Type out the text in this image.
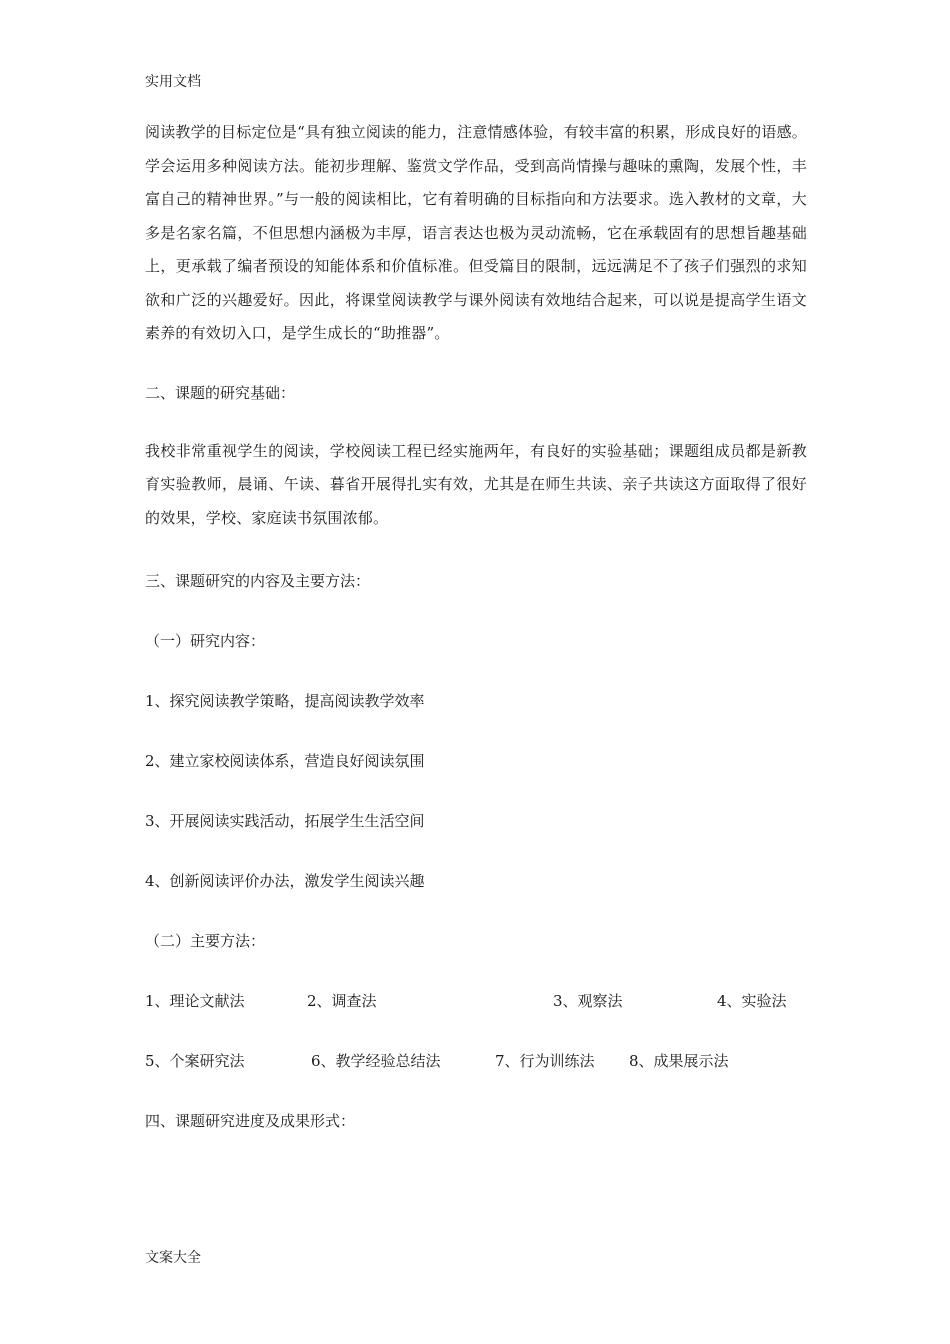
实用文档

阅读教学的目标定位是“具有独立阅读的能力，注意情感体验，有较丰富的积累，形成良好的语感。学会运用多种阅读方法。能初步理解、鉴赏文学作品，受到高尚情操与趣味的熏陶，发展个性，丰富自己的精神世界。”与一般的阅读相比，它有着明确的目标指向和方法要求。选入教材的文章，大多是名家名篇，不但思想内涵极为丰厚，语言表达也极为灵动流畅，它在承载固有的思想旨趣基础上，更承载了编者预设的知能体系和价值标准。但受篇目的限制，远远满足不了孩子们强烈的求知欲和广泛的兴趣爱好。因此，将课堂阅读教学与课外阅读有效地结合起来，可以说是提高学生语文素养的有效切入口，是学生成长的“助推器”。

二、课题的研究基础：

我校非常重视学生的阅读，学校阅读工程已经实施两年，有良好的实验基础；课题组成员都是新教育实验教师，晨诵、午读、暮省开展得扎实有效，尤其是在师生共读、亲子共读这方面取得了很好的效果，学校、家庭读书氛围浓郁。

三、课题研究的内容及主要方法：

（一）研究内容：

1、探究阅读教学策略，提高阅读教学效率

2、建立家校阅读体系，营造良好阅读氛围

3、开展阅读实践活动，拓展学生生活空间

4、创新阅读评价办法，激发学生阅读兴趣

（二）主要方法：

1、理论文献法	2、调查法	3、观察法	4、实验法
5、个案研究法	6、教学经验总结法	7、行为训练法 8、成果展示法

四、课题研究进度及成果形式：

文案大全
